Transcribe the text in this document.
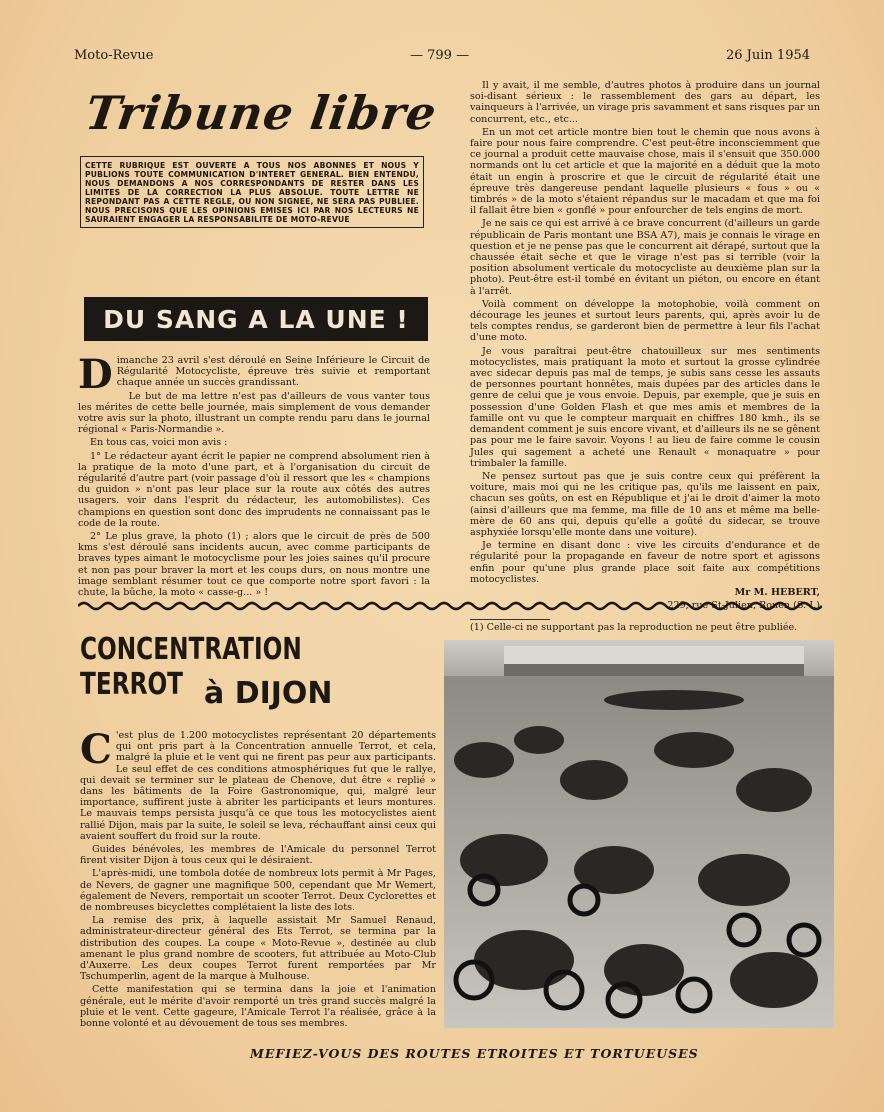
Moto-Revue	— 799 —	26 Juin 1954
Tribune libre
CETTE RUBRIQUE EST OUVERTE A TOUS NOS ABONNES ET NOUS Y PUBLIONS TOUTE COMMUNICATION D'INTERET GENERAL. BIEN ENTENDU, NOUS DEMANDONS A NOS CORRESPONDANTS DE RESTER DANS LES LIMITES DE LA CORRECTION LA PLUS ABSOLUE. TOUTE LETTRE NE REPONDANT PAS A CETTE REGLE, OU NON SIGNEE, NE SERA PAS PUBLIEE. NOUS PRECISONS QUE LES OPINIONS EMISES ICI PAR NOS LECTEURS NE SAURAIENT ENGAGER LA RESPONSABILITE DE MOTO-REVUE
DU SANG A LA UNE !

Dimanche 23 avril s'est déroulé en Seine Inférieure le Circuit de Régularité Motocycliste, épreuve très suivie et remportant chaque année un succès grandissant.

Le but de ma lettre n'est pas d'ailleurs de vous vanter tous les mérites de cette belle journée, mais simplement de vous demander votre avis sur la photo, illustrant un compte rendu paru dans le journal régional « Paris-Normandie ».

En tous cas, voici mon avis :

1° Le rédacteur ayant écrit le papier ne comprend absolument rien à la pratique de la moto d'une part, et à l'organisation du circuit de régularité d'autre part (voir passage d'où il ressort que les « champions du guidon » n'ont pas leur place sur la route aux côtés des autres usagers. voir dans l'esprit du rédacteur, les automobilistes). Ces champions en question sont donc des imprudents ne connaissant pas le code de la route.

2° Le plus grave, la photo (1) ; alors que le circuit de près de 500 kms s'est déroulé sans incidents aucun, avec comme participants de braves types aimant le motocyclisme pour les joies saines qu'il procure et non pas pour braver la mort et les coups durs, on nous montre une image semblant résumer tout ce que comporte notre sport favori : la chute, la bûche, la moto « casse-g... » !

Il y avait, il me semble, d'autres photos à produire dans un journal soi-disant sérieux : le rassemblement des gars au départ, les vainqueurs à l'arrivée, un virage pris savamment et sans risques par un concurrent, etc., etc...

En un mot cet article montre bien tout le chemin que nous avons à faire pour nous faire comprendre. C'est peut-être inconsciemment que ce journal a produit cette mauvaise chose, mais il s'ensuit que 350.000 normands ont lu cet article et que la majorité en a déduit que la moto était un engin à proscrire et que le circuit de régularité était une épreuve très dangereuse pendant laquelle plusieurs « fous » ou « timbrés » de la moto s'étaient répandus sur le macadam et que ma foi il fallait être bien « gonflé » pour enfourcher de tels engins de mort.

Je ne sais ce qui est arrivé à ce brave concurrent (d'ailleurs un garde républicain de Paris montant une BSA A7), mais je connais le virage en question et je ne pense pas que le concurrent ait dérapé, surtout que la chaussée était sèche et que le virage n'est pas si terrible (voir la position absolument verticale du motocycliste au deuxième plan sur la photo). Peut-être est-il tombé en évitant un piéton, ou encore en étant à l'arrêt.

Voilà comment on développe la motophobie, voilà comment on décourage les jeunes et surtout leurs parents, qui, après avoir lu de tels comptes rendus, se garderont bien de permettre à leur fils l'achat d'une moto.

Je vous paraîtrai peut-être chatouilleux sur mes sentiments motocyclistes, mais pratiquant la moto et surtout la grosse cylindrée avec sidecar depuis pas mal de temps, je subis sans cesse les assauts de personnes pourtant honnêtes, mais dupées par des articles dans le genre de celui que je vous envoie. Depuis, par exemple, que je suis en possession d'une Golden Flash et que mes amis et membres de la famille ont vu que le compteur marquait en chiffres 180 kmh., ils se demandent comment je suis encore vivant, et d'ailleurs ils ne se gênent pas pour me le faire savoir. Voyons ! au lieu de faire comme le cousin Jules qui sagement a acheté une Renault « monaquatre » pour trimbaler la famille.

Ne pensez surtout pas que je suis contre ceux qui préfèrent la voiture, mais moi qui ne les critique pas, qu'ils me laissent en paix, chacun ses goûts, on est en République et j'ai le droit d'aimer la moto (ainsi d'ailleurs que ma femme, ma fille de 10 ans et même ma belle-mère de 60 ans qui, depuis qu'elle a goûté du sidecar, se trouve asphyxiée lorsqu'elle monte dans une voiture).

Je termine en disant donc : vive les circuits d'endurance et de régularité pour la propagande en faveur de notre sport et agissons enfin pour qu'une plus grande place soit faite aux compétitions motocyclistes.

Mr M. HEBERT,
229, rue St-Julien, Rouen (S.-I.)

(1) Celle-ci ne supportant pas la reproduction ne peut être publiée.

CONCENTRATION TERROT à DIJON

C 'est plus de 1.200 motocyclistes représentant 20 départements qui ont pris part à la Concentration annuelle Terrot, et cela, malgré la pluie et le vent qui ne firent pas peur aux participants. Le seul effet de ces conditions atmosphériques fut que le rallye, qui devait se terminer sur le plateau de Chenove, dut être « replié » dans les bâtiments de la Foire Gastronomique, qui, malgré leur importance, suffirent juste à abriter les participants et leurs montures. Le mauvais temps persista jusqu'à ce que tous les motocyclistes aient rallié Dijon, mais par la suite, le soleil se leva, réchauffant ainsi ceux qui avaient souffert du froid sur la route.

Guides bénévoles, les membres de l'Amicale du personnel Terrot firent visiter Dijon à tous ceux qui le désiraient.

L'après-midi, une tombola dotée de nombreux lots permit à Mr Pages, de Nevers, de gagner une magnifique 500, cependant que Mr Wemert, également de Nevers, remportait un scooter Terrot. Deux Cyclorettes et de nombreuses bicyclettes complétaient la liste des lots.

La remise des prix, à laquelle assistait Mr Samuel Renaud, administrateur-directeur général des Ets Terrot, se termina par la distribution des coupes. La coupe « Moto-Revue », destinée au club amenant le plus grand nombre de scooters, fut attribuée au Moto-Club d'Auxerre. Les deux coupes Terrot furent remportées par Mr Tschumperlin, agent de la marque à Mulhouse.

Cette manifestation qui se termina dans la joie et l'animation générale, eut le mérite d'avoir remporté un très grand succès malgré la pluie et le vent. Cette gageure, l'Amicale Terrot l'a réalisée, grâce à la bonne volonté et au dévouement de tous ses membres.

MEFIEZ-VOUS DES ROUTES ETROITES ET TORTUEUSES
